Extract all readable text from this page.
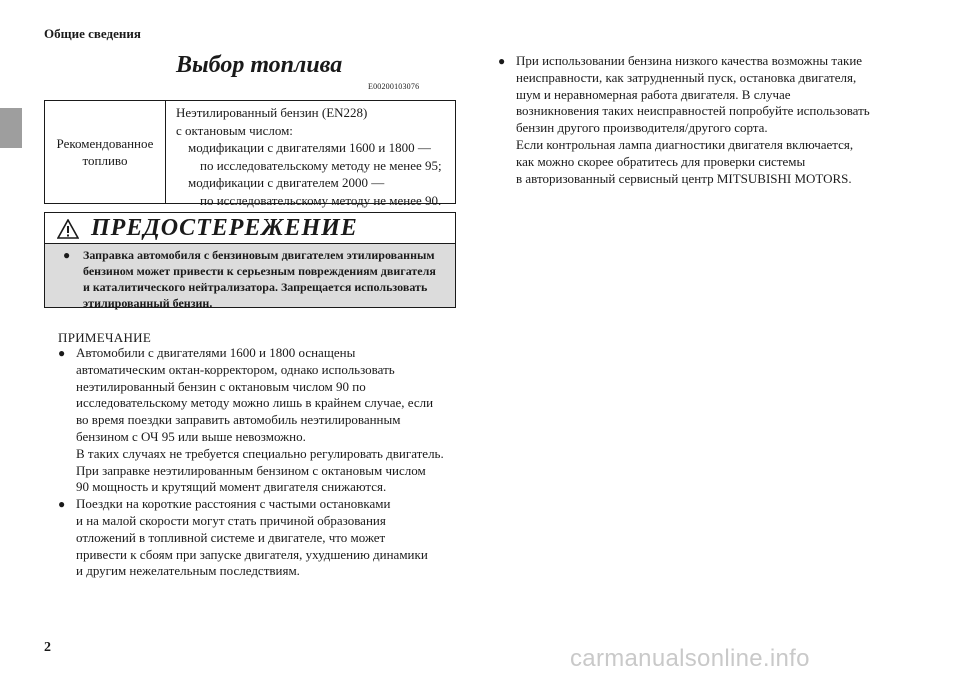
Общие сведения
Выбор топлива
E00200103076

Рекомендованное

топливо

Неэтилированный бензин (EN228)

с октановым числом:

модификации с двигателями 1600 и 1800 —

по исследовательскому методу не менее 95;

модификации с двигателем 2000 —

по исследовательскому методу не менее 90.

ПРЕДОСТЕРЕЖЕНИЕ
●	Заправка автомобиля с бензиновым двигателем этилированным

бензином может привести к серьезным повреждениям двигателя

и каталитического нейтрализатора. Запрещается использовать

этилированный бензин.

ПРИМЕЧАНИЕ
● Автомобили с двигателями 1600 и 1800 оснащены

автоматическим октан-корректором, однако использовать

неэтилированный бензин с октановым числом 90 по

исследовательскому методу можно лишь в крайнем случае, если

во время поездки заправить автомобиль неэтилированным

бензином с ОЧ 95 или выше невозможно.

В таких случаях не требуется специально регулировать двигатель.

При заправке неэтилированным бензином с октановым числом

90 мощность и крутящий момент двигателя снижаются.

● Поездки на короткие расстояния с частыми остановками

и на малой скорости могут стать причиной образования

отложений в топливной системе и двигателе, что может

привести к сбоям при запуске двигателя, ухудшению динамики

и другим нежелательным последствиям.

● При использовании бензина низкого качества возможны такие

неисправности, как затрудненный пуск, остановка двигателя,

шум и неравномерная работа двигателя. В случае

возникновения таких неисправностей попробуйте использовать

бензин другого производителя/другого сорта.

Если контрольная лампа диагностики двигателя включается,

как можно скорее обратитесь для проверки системы

в авторизованный сервисный центр MITSUBISHI MOTORS.

2	carmanualsonline.info
